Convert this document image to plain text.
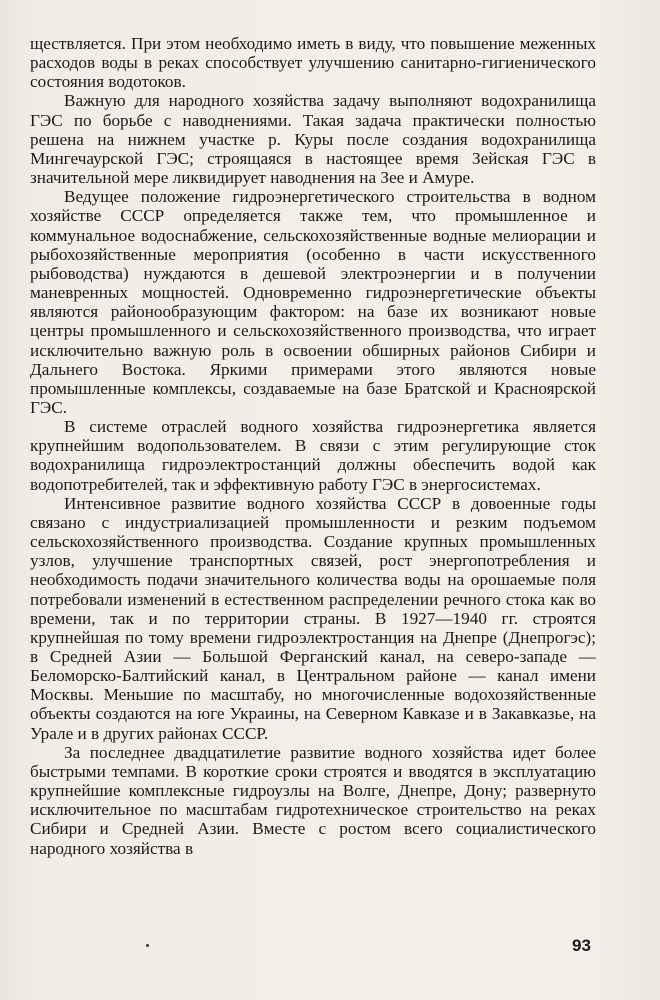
ществляется. При этом необходимо иметь в виду, что повышение меженных расходов воды в реках способствует улучшению санитарно-гигиенического состояния водотоков.

Важную для народного хозяйства задачу выполняют водохранилища ГЭС по борьбе с наводнениями. Такая задача практически полностью решена на нижнем участке р. Куры после создания водохранилища Мингечаурской ГЭС; строящаяся в настоящее время Зейская ГЭС в значительной мере ликвидирует наводнения на Зее и Амуре.

Ведущее положение гидроэнергетического строительства в водном хозяйстве СССР определяется также тем, что промышленное и коммунальное водоснабжение, сельскохозяйственные водные мелиорации и рыбохозяйственные мероприятия (особенно в части искусственного рыбоводства) нуждаются в дешевой электроэнергии и в получении маневренных мощностей. Одновременно гидроэнергетические объекты являются районообразующим фактором: на базе их возникают новые центры промышленного и сельскохозяйственного производства, что играет исключительно важную роль в освоении обширных районов Сибири и Дальнего Востока. Яркими примерами этого являются новые промышленные комплексы, создаваемые на базе Братской и Красноярской ГЭС.

В системе отраслей водного хозяйства гидроэнергетика является крупнейшим водопользователем. В связи с этим регулирующие сток водохранилища гидроэлектростанций должны обеспечить водой как водопотребителей, так и эффективную работу ГЭС в энергосистемах.

Интенсивное развитие водного хозяйства СССР в довоенные годы связано с индустриализацией промышленности и резким подъемом сельскохозяйственного производства. Создание крупных промышленных узлов, улучшение транспортных связей, рост энергопотребления и необходимость подачи значительного количества воды на орошаемые поля потребовали изменений в естественном распределении речного стока как во времени, так и по территории страны. В 1927—1940 гг. строятся крупнейшая по тому времени гидроэлектростанция на Днепре (Днепрогэс); в Средней Азии — Большой Ферганский канал, на северо-западе — Беломорско-Балтийский канал, в Центральном районе — канал имени Москвы. Меньшие по масштабу, но многочисленные водохозяйственные объекты создаются на юге Украины, на Северном Кавказе и в Закавказье, на Урале и в других районах СССР.

За последнее двадцатилетие развитие водного хозяйства идет более быстрыми темпами. В короткие сроки строятся и вводятся в эксплуатацию крупнейшие комплексные гидроузлы на Волге, Днепре, Дону; развернуто исключительное по масштабам гидротехническое строительство на реках Сибири и Средней Азии. Вместе с ростом всего социалистического народного хозяйства в

93
